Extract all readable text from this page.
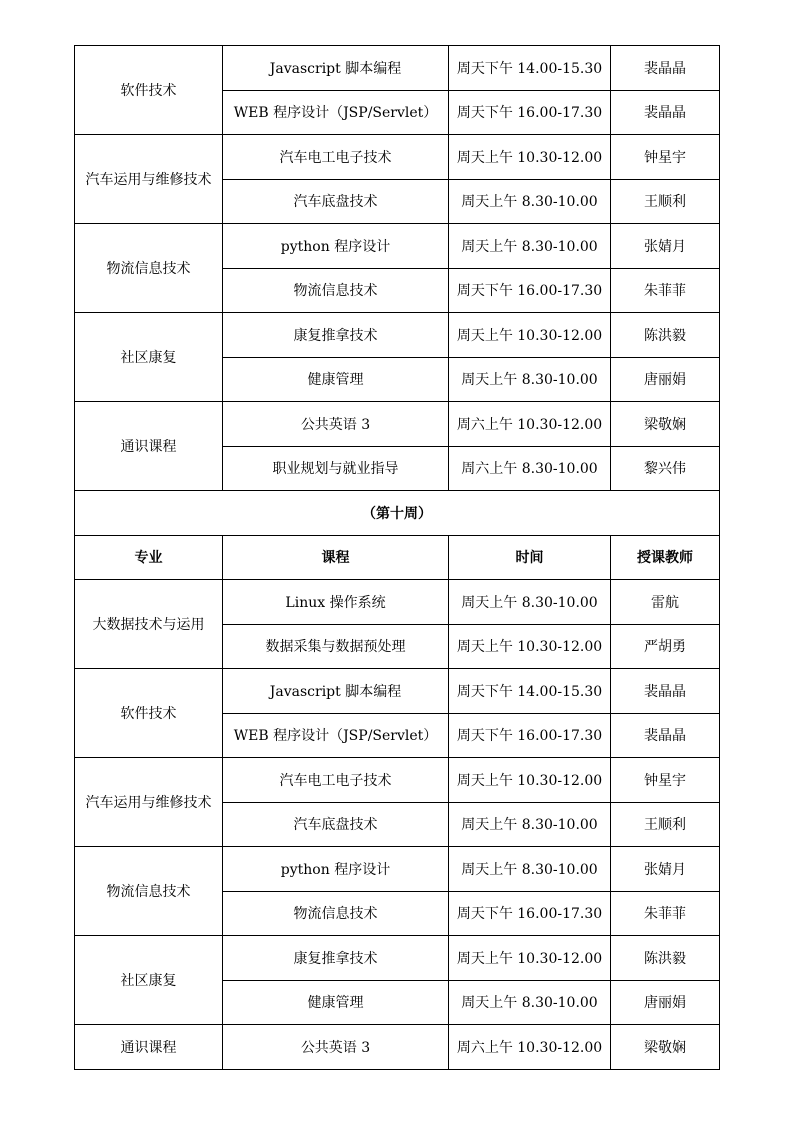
软件技术	Javascript 脚本编程	周天下午 14.00-15.30	裴晶晶
	WEB 程序设计（JSP/Servlet）	周天下午 16.00-17.30	裴晶晶
汽车运用与维修技术	汽车电工电子技术	周天上午 10.30-12.00	钟星宇
	汽车底盘技术	周天上午 8.30-10.00	王顺利
物流信息技术	python 程序设计	周天上午 8.30-10.00	张婧月
	物流信息技术	周天下午 16.00-17.30	朱菲菲
社区康复	康复推拿技术	周天上午 10.30-12.00	陈洪毅
	健康管理	周天上午 8.30-10.00	唐丽娟
通识课程	公共英语 3	周六上午 10.30-12.00	梁敬娴
	职业规划与就业指导	周六上午 8.30-10.00	黎兴伟
（第十周）			
专业	课程	时间	授课教师
大数据技术与运用	Linux 操作系统	周天上午 8.30-10.00	雷航
	数据采集与数据预处理	周天上午 10.30-12.00	严胡勇
软件技术	Javascript 脚本编程	周天下午 14.00-15.30	裴晶晶
	WEB 程序设计（JSP/Servlet）	周天下午 16.00-17.30	裴晶晶
汽车运用与维修技术	汽车电工电子技术	周天上午 10.30-12.00	钟星宇
	汽车底盘技术	周天上午 8.30-10.00	王顺利
物流信息技术	python 程序设计	周天上午 8.30-10.00	张婧月
	物流信息技术	周天下午 16.00-17.30	朱菲菲
社区康复	康复推拿技术	周天上午 10.30-12.00	陈洪毅
	健康管理	周天上午 8.30-10.00	唐丽娟
通识课程	公共英语 3	周六上午 10.30-12.00	梁敬娴
